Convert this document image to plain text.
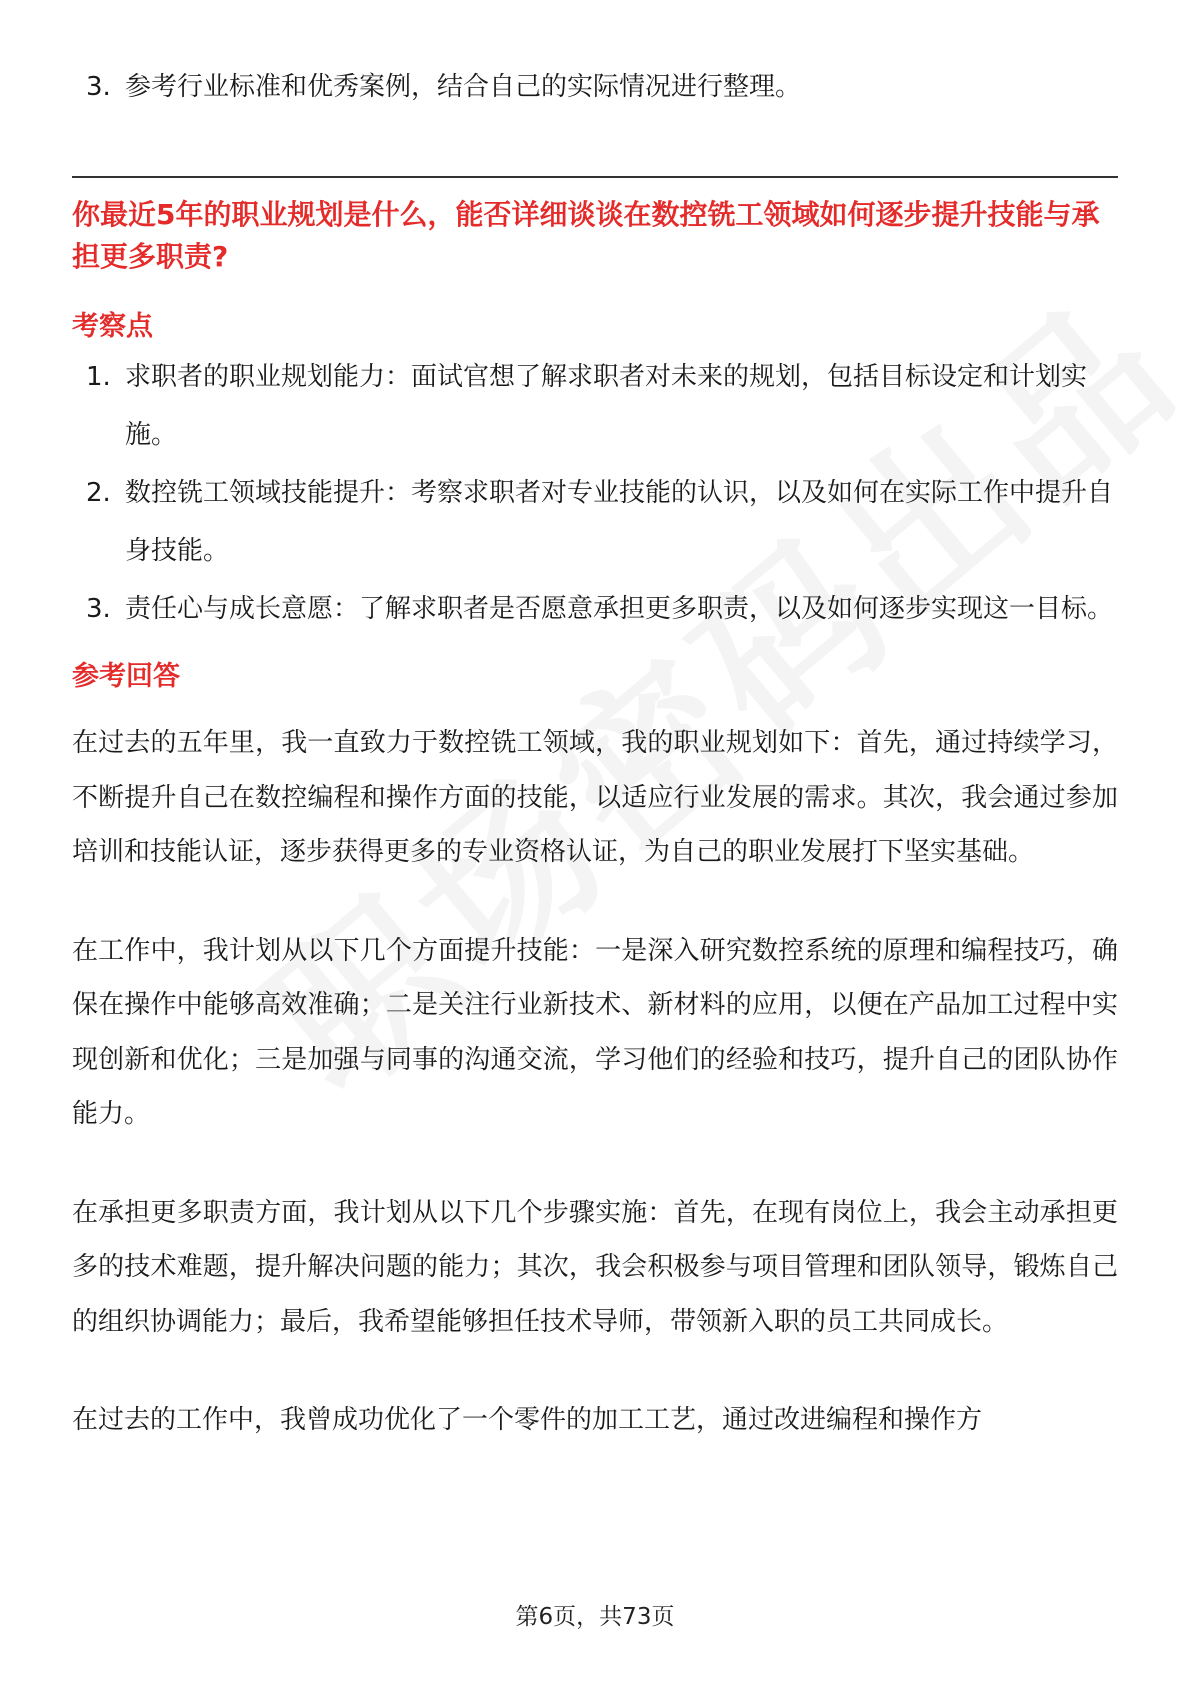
3. 参考行业标准和优秀案例，结合自己的实际情况进行整理。
你最近5年的职业规划是什么，能否详细谈谈在数控铣工领域如何逐步提升技能与承担更多职责?
考察点
1. 求职者的职业规划能力：面试官想了解求职者对未来的规划，包括目标设定和计划实施。
2. 数控铣工领域技能提升：考察求职者对专业技能的认识，以及如何在实际工作中提升自身技能。
3. 责任心与成长意愿：了解求职者是否愿意承担更多职责，以及如何逐步实现这一目标。
参考回答

在过去的五年里，我一直致力于数控铣工领域，我的职业规划如下：首先，通过持续学习，不断提升自己在数控编程和操作方面的技能，以适应行业发展的需求。其次，我会通过参加培训和技能认证，逐步获得更多的专业资格认证，为自己的职业发展打下坚实基础。

在工作中，我计划从以下几个方面提升技能：一是深入研究数控系统的原理和编程技巧，确保在操作中能够高效准确；二是关注行业新技术、新材料的应用，以便在产品加工过程中实现创新和优化；三是加强与同事的沟通交流，学习他们的经验和技巧，提升自己的团队协作能力。

在承担更多职责方面，我计划从以下几个步骤实施：首先，在现有岗位上，我会主动承担更多的技术难题，提升解决问题的能力；其次，我会积极参与项目管理和团队领导，锻炼自己的组织协调能力；最后，我希望能够担任技术导师，带领新入职的员工共同成长。

在过去的工作中，我曾成功优化了一个零件的加工工艺，通过改进编程和操作方

第6页，共73页
